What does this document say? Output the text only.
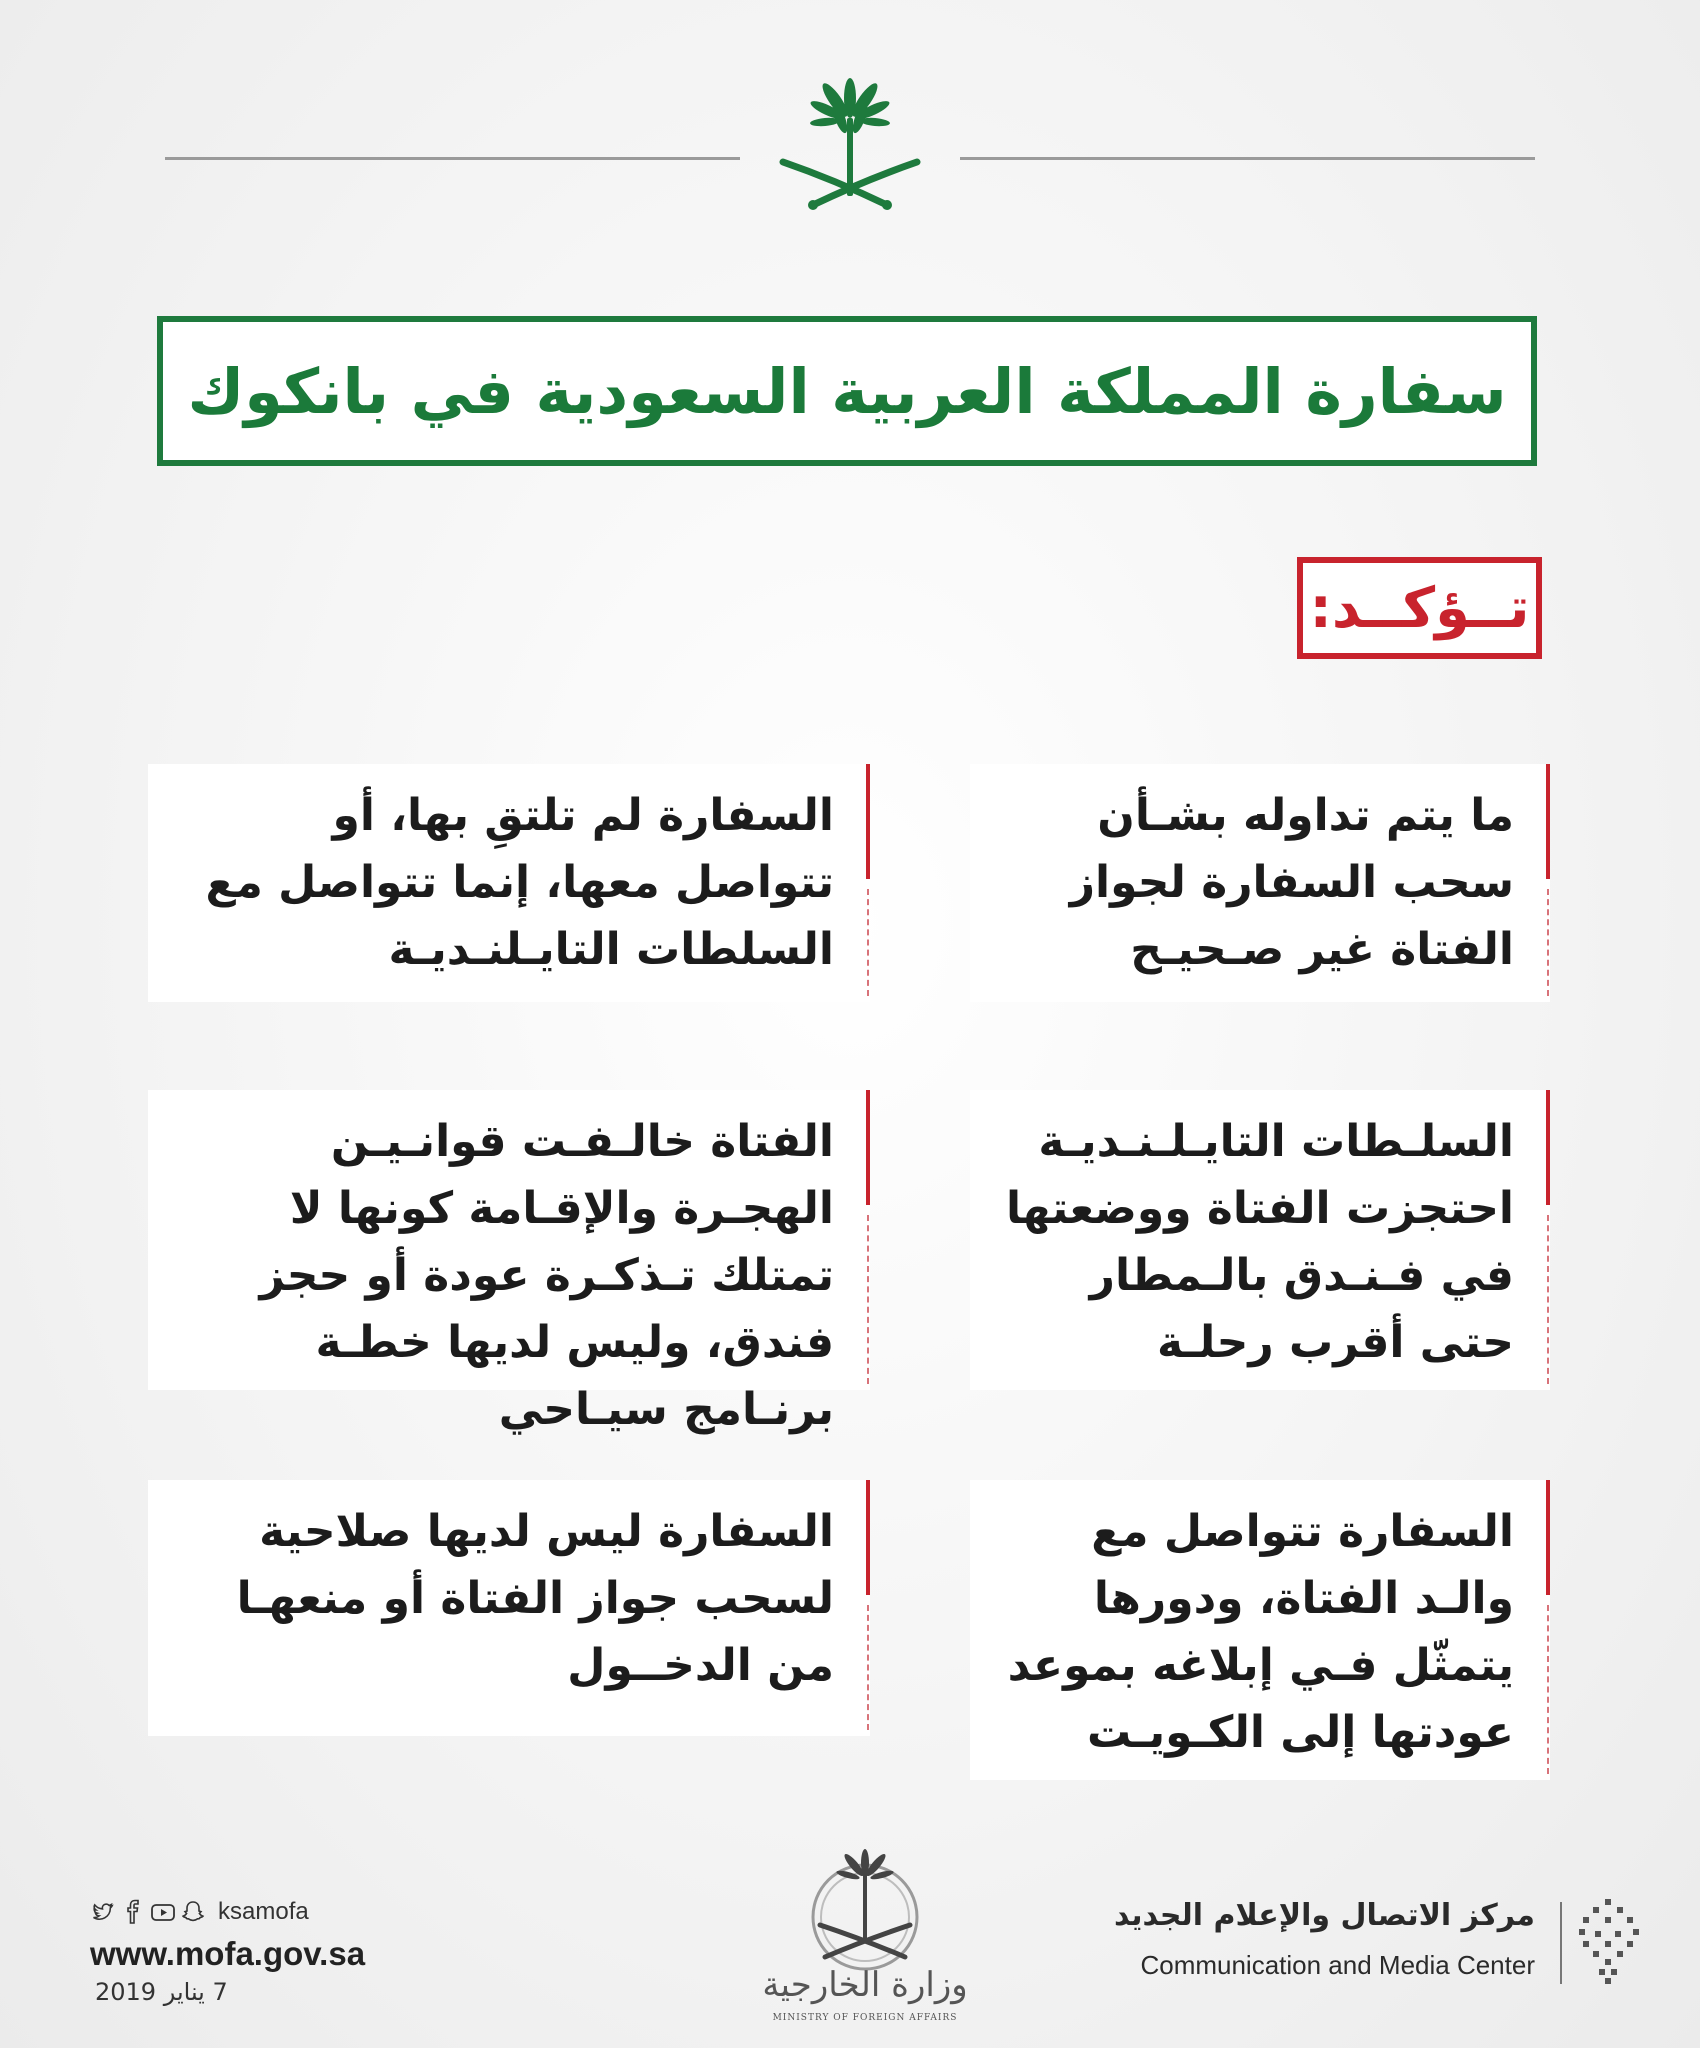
سفارة المملكة العربية السعودية في بانكوك
تــؤكــد:

ما يتم تداوله بشـأن سحب السفارة لجواز الفتاة غير صـحيـح

السفارة لم تلتقِ بها، أو تتواصل معها، إنما تتواصل مع السلطات التايـلنـديـة

السلـطات التايـلـنـديـة احتجزت الفتاة ووضعتها في فـنـدق بالـمطار حتى أقرب رحلـة

الفتاة خالـفـت قوانـيـن الهجـرة والإقـامة كونها لا تمتلك تـذكـرة عودة أو حجز فندق، وليس لديها خطـة برنـامج سيـاحي

السفارة تتواصل مع والـد الفتاة، ودورها يتمثّل فـي إبلاغه بموعد عودتها إلى الكـويـت

السفارة ليس لديها صلاحية لسحب جواز الفتاة أو منعهـا من الدخــول

مركز الاتصال والإعلام الجديد
Communication and Media Center
وزارة الخارجية
MINISTRY OF FOREIGN AFFAIRS
ksamofa
www.mofa.gov.sa
7 يناير 2019
